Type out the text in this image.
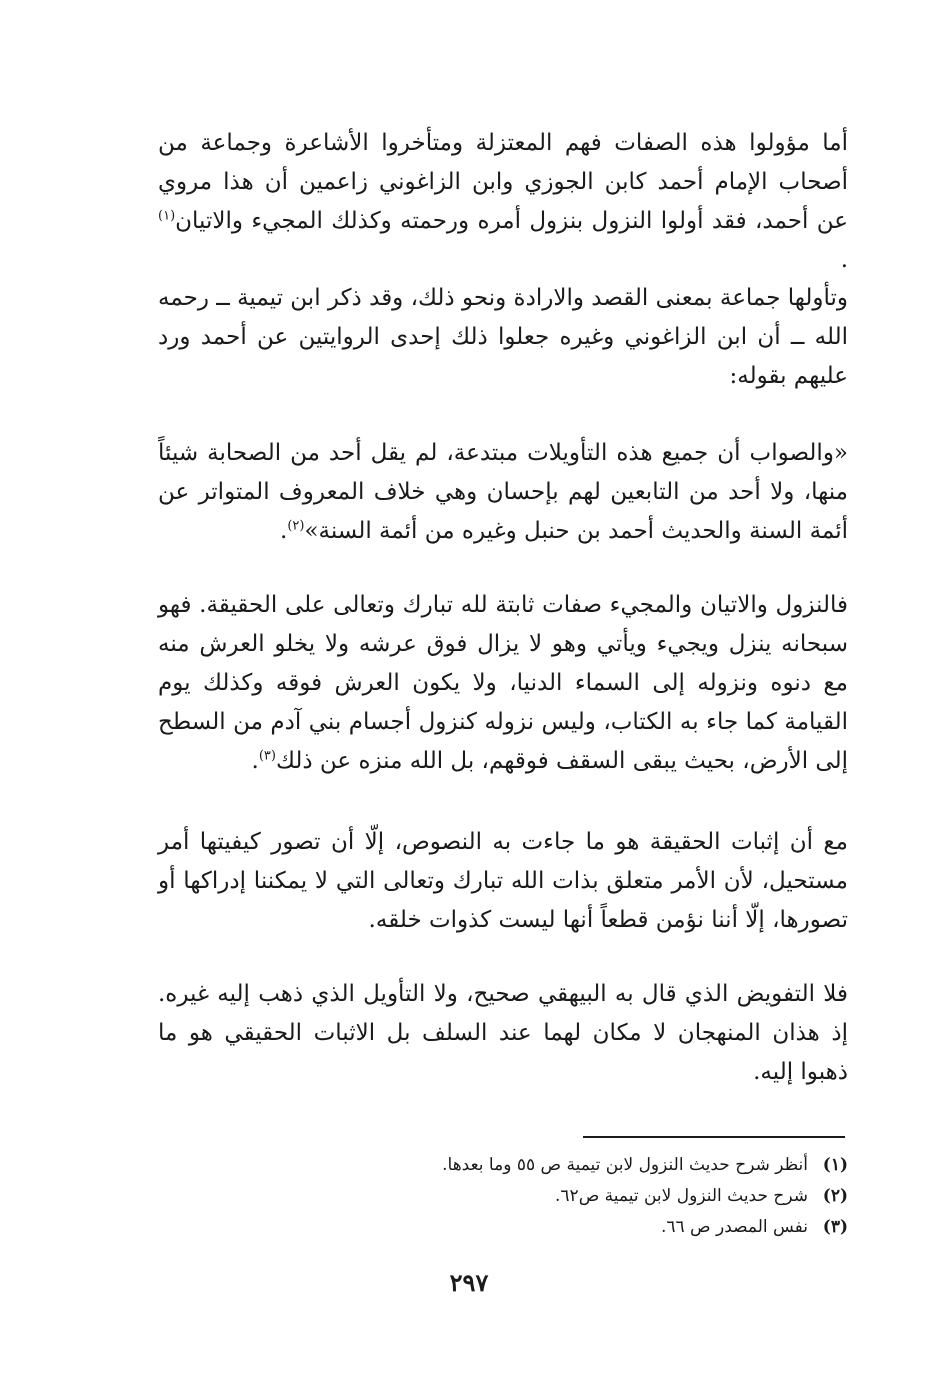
أما مؤولوا هذه الصفات فهم المعتزلة ومتأخروا الأشاعرة وجماعة من أصحاب الإمام أحمد كابن الجوزي وابن الزاغوني زاعمين أن هذا مروي عن أحمد، فقد أولوا النزول بنزول أمره ورحمته وكذلك المجيء والاتيان$^{(١)}$ .

وتأولها جماعة بمعنى القصد والارادة ونحو ذلك، وقد ذكر ابن تيمية ــ رحمه الله ــ أن ابن الزاغوني وغيره جعلوا ذلك إحدى الروايتين عن أحمد ورد عليهم بقوله:

«والصواب أن جميع هذه التأويلات مبتدعة، لم يقل أحد من الصحابة شيئاً منها، ولا أحد من التابعين لهم بإحسان وهي خلاف المعروف المتواتر عن أئمة السنة والحديث أحمد بن حنبل وغيره من أئمة السنة»$^{(٢)}$.

فالنزول والاتيان والمجيء صفات ثابتة لله تبارك وتعالى على الحقيقة. فهو سبحانه ينزل ويجيء ويأتي وهو لا يزال فوق عرشه ولا يخلو العرش منه مع دنوه ونزوله إلى السماء الدنيا، ولا يكون العرش فوقه وكذلك يوم القيامة كما جاء به الكتاب، وليس نزوله كنزول أجسام بني آدم من السطح إلى الأرض، بحيث يبقى السقف فوقهم، بل الله منزه عن ذلك$^{(٣)}$.

مع أن إثبات الحقيقة هو ما جاءت به النصوص، إلّا أن تصور كيفيتها أمر مستحيل، لأن الأمر متعلق بذات الله تبارك وتعالى التي لا يمكننا إدراكها أو تصورها، إلّا أننا نؤمن قطعاً أنها ليست كذوات خلقه.

فلا التفويض الذي قال به البيهقي صحيح، ولا التأويل الذي ذهب إليه غيره. إذ هذان المنهجان لا مكان لهما عند السلف بل الاثبات الحقيقي هو ما ذهبوا إليه.

(١)
أنظر شرح حديث النزول لابن تيمية ص ٥٥ وما بعدها.
(٢)
شرح حديث النزول لابن تيمية ص٦٢.
(٣)
نفس المصدر ص ٦٦.
٢٩٧
